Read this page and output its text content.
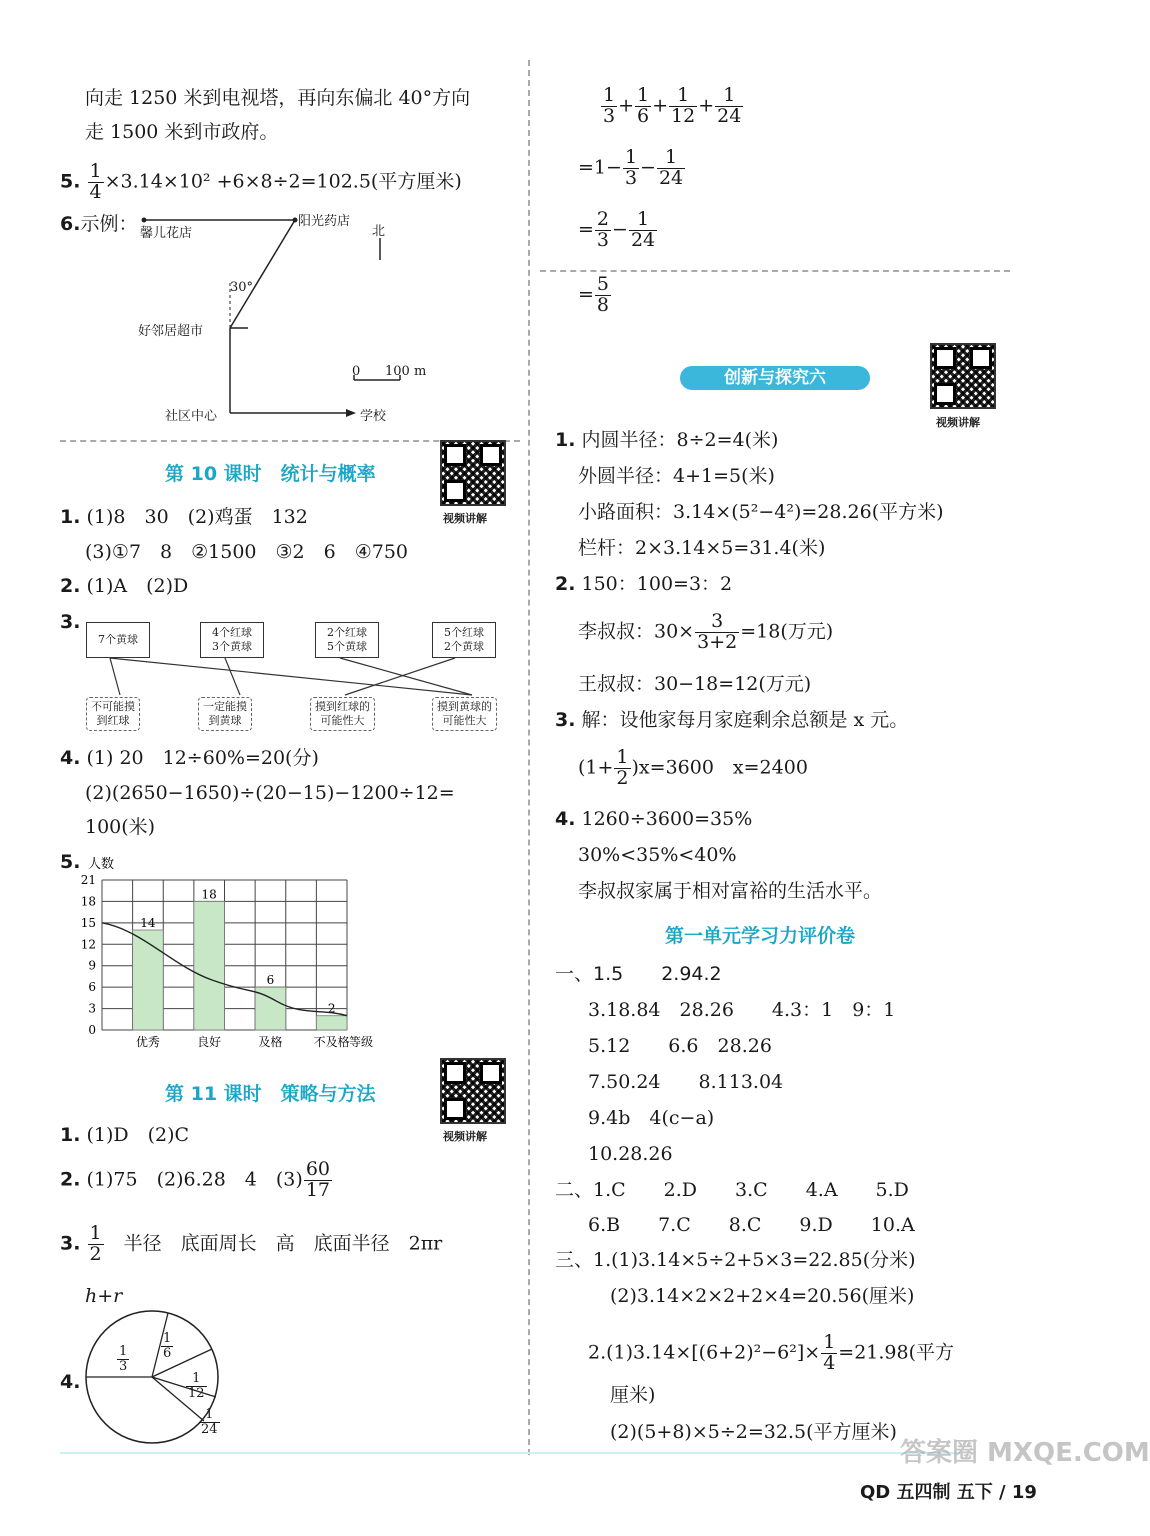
向走 1250 米到电视塔，再向东偏北 40°方向
走 1500 米到市政府。
5. $\frac{1}{4} \times 3.14\times 10^2 +6\times 8\div 2=102.5$(平方厘米)
6.示例： 馨儿花店
阳光药店
北
30°
好邻居超市
社区中心	学校
0 100 m
第 10 课时　统计与概率
视频讲解
1. (1)8　30　(2)鸡蛋　132
(3)①7　8　②1500　③2　6　④750
2. (1)A　(2)D
3.
7个黄球
4个红球
3个黄球
2个红球
5个黄球
5个红球
2个黄球
不可能摸
到红球
一定能摸
到黄球
摸到红球的
可能性大
摸到黄球的
可能性大
4. (1) 20　12÷60%=20(分)
(2)(2650−1650)÷(20−15)−1200÷12=
100(米)
5.
0
3
6
9
12
15
18
21
人数
14
优秀
18
良好
6
及格
2
不及格 等级
第 11 课时　策略与方法
视频讲解
1. (1)D　(2)C
2. (1)75　(2)6.28　4　$(3) \frac{60}{17}$
3. $\frac{1}{2}$
　 半径　底面周长　高　底面半径　2πr
h+r
4.
$\frac{1}{3} \frac{1}{6}$
$\frac{1}{12}$
$\frac{1}{24}$
$\frac{1}{3} + \frac{1}{6} + \frac{1}{12} + \frac{1}{24}$
$=1- \frac{1}{3} - \frac{1}{24}$
= $\frac{2}{3} - \frac{1}{24}$
= $\frac{5}{8}$
创新与探究六
视频讲解
1. 内圆半径：8÷2=4(米)
外圆半径：4+1=5(米)
小路面积：3.14×(5²−4²)=28.26(平方米)
栏杆：2×3.14×5=31.4(米)
2. 150：100=3：2
李叔叔：$30\times \frac{3}{3+2} =18$(万元)
王叔叔：30−18=12(万元)
3. 解：设他家每月家庭剩余总额是 x 元。
$(1+ \frac{1}{2} )x=3600$　x=2400
4. 1260÷3600=35%
30%<35%<40%
李叔叔家属于相对富裕的生活水平。
第一单元学习力评价卷
一、1.5　　2.94.2
3.18.84　28.26　　4.3：1　9：1
5.12　　6.6　28.26
7.50.24　　8.113.04
9.4b　4(c−a)
10.28.26
二、1.C　　2.D　　3.C　　4.A　　5.D
6.B　　7.C　　8.C　　9.D　　10.A
三、1.(1)3.14×5÷2+5×3=22.85(分米)
(2)3.14×2×2+2×4=20.56(厘米)
$2.(1)3.14\times[(6+2)^2-6^2]\times \frac{1}{4} =21.98$(平方
厘米)
(2)(5+8)×5÷2=32.5(平方厘米)
QD 五四制 五下 / 19
答案圈 MXQE.COM
